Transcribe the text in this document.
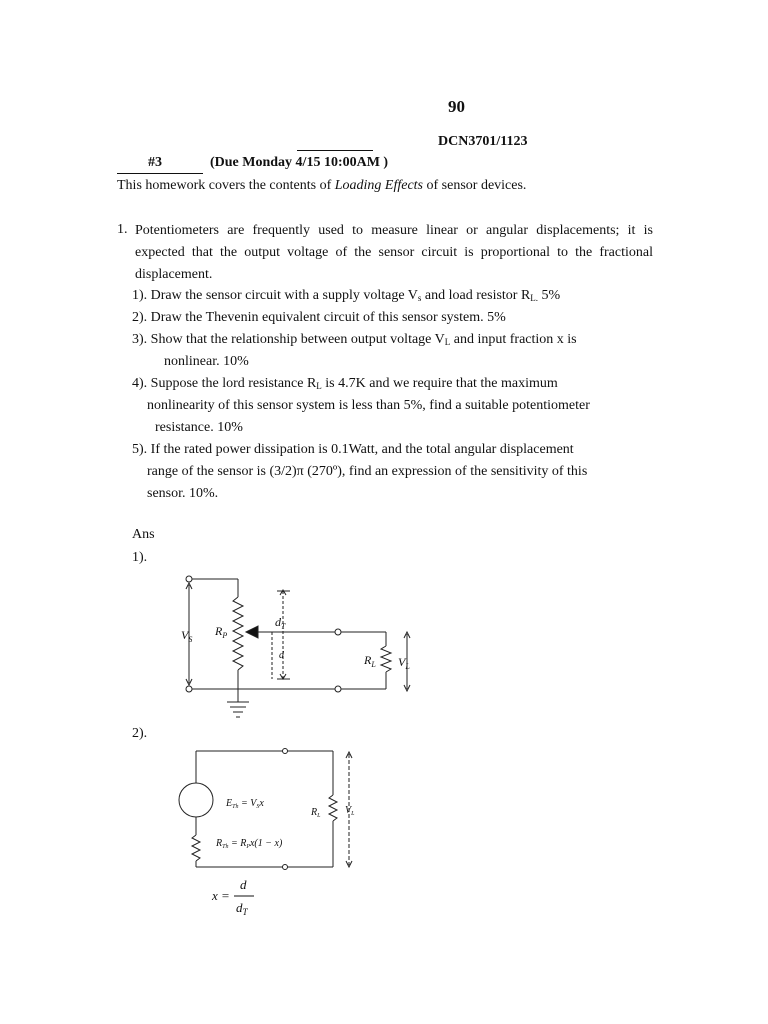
90
DCN3701/1123
#3	(Due Monday 4/15 10:00AM )
This homework covers the contents of Loading Effects of sensor devices.
1. Potentiometers are frequently used to measure linear or angular displacements; it is expected that the output voltage of the sensor circuit is proportional to the fractional displacement.
1). Draw the sensor circuit with a supply voltage $V_s$ and load resistor $R_{L.}$ 5%
2). Draw the Thevenin equivalent circuit of this sensor system. 5%
3). Show that the relationship between output voltage $V_L$ and input fraction x is
nonlinear. 10%
4). Suppose the lord resistance $R_L$ is 4.7K and we require that the maximum
nonlinearity of this sensor system is less than 5%, find a suitable potentiometer
resistance. 10%
5). If the rated power dissipation is 0.1Watt, and the total angular displacement
range of the sensor is (3/2)π (270º), find an expression of the sensitivity of this
sensor. 10%.
Ans
1).
$V_S$
$R_P$
$d_T$
d	$R_L$ $V_L$
$E_{Th} = V_Sx$
$R_{Th} = R_Px(1 - x)$
$R_L$ $V_L$
x =
d
$d_T$
2).
